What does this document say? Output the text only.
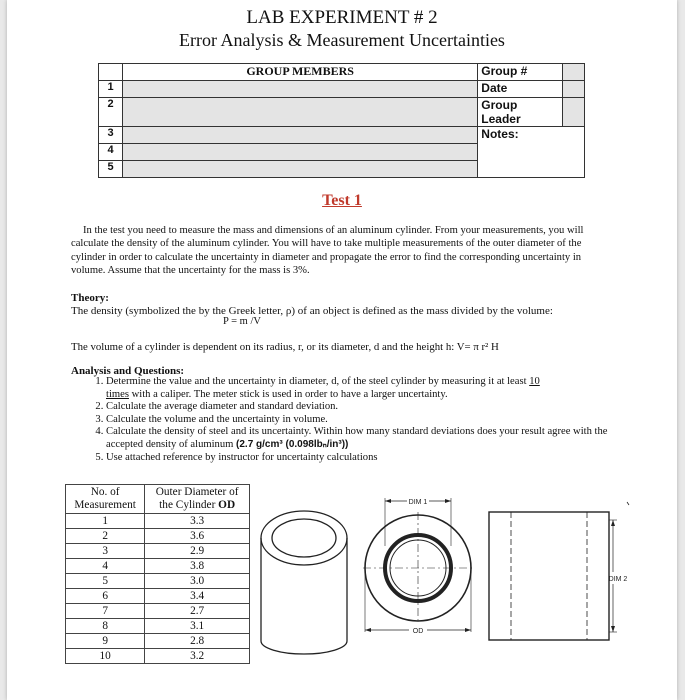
LAB EXPERIMENT # 2
Error Analysis & Measurement Uncertainties
	GROUP MEMBERS	Group #	
1		Date	
2		Group Leader	
3		Notes:	
4			
5			
Test 1
In the test you need to measure the mass and dimensions of an aluminum cylinder. From your measurements, you will calculate the density of the aluminum cylinder. You will have to take multiple measurements of the outer diameter of the cylinder in order to calculate the uncertainty in diameter and propagate the error to find the corresponding uncertainty in volume. Assume that the uncertainty for the mass is 3%.
Theory:
The density (symbolized the by the Greek letter, ρ) of an object is defined as the mass divided by the volume:
P = m /V
The volume of a cylinder is dependent on its radius, r, or its diameter, d and the height h: V= π r² H
Analysis and Questions:
1. Determine the value and the uncertainty in diameter, d, of the steel cylinder by measuring it at least 10
times with a caliper. The meter stick is used in order to have a larger uncertainty.
2. Calculate the average diameter and standard deviation.
3. Calculate the volume and the uncertainty in volume.
4. Calculate the density of steel and its uncertainty. Within how many standard deviations does your result agree with the accepted density of aluminum (2.7 g/cm³ (0.098lbₙ/in³))
5. Use attached reference by instructor for uncertainty calculations
No. of
Measurement	Outer Diameter of
the Cylinder OD
1	3.3
2	3.6
3	2.9
4	3.8
5	3.0
6	3.4
7	2.7
8	3.1
9	2.8
10	3.2
DIM 1
OD
DIM 2
